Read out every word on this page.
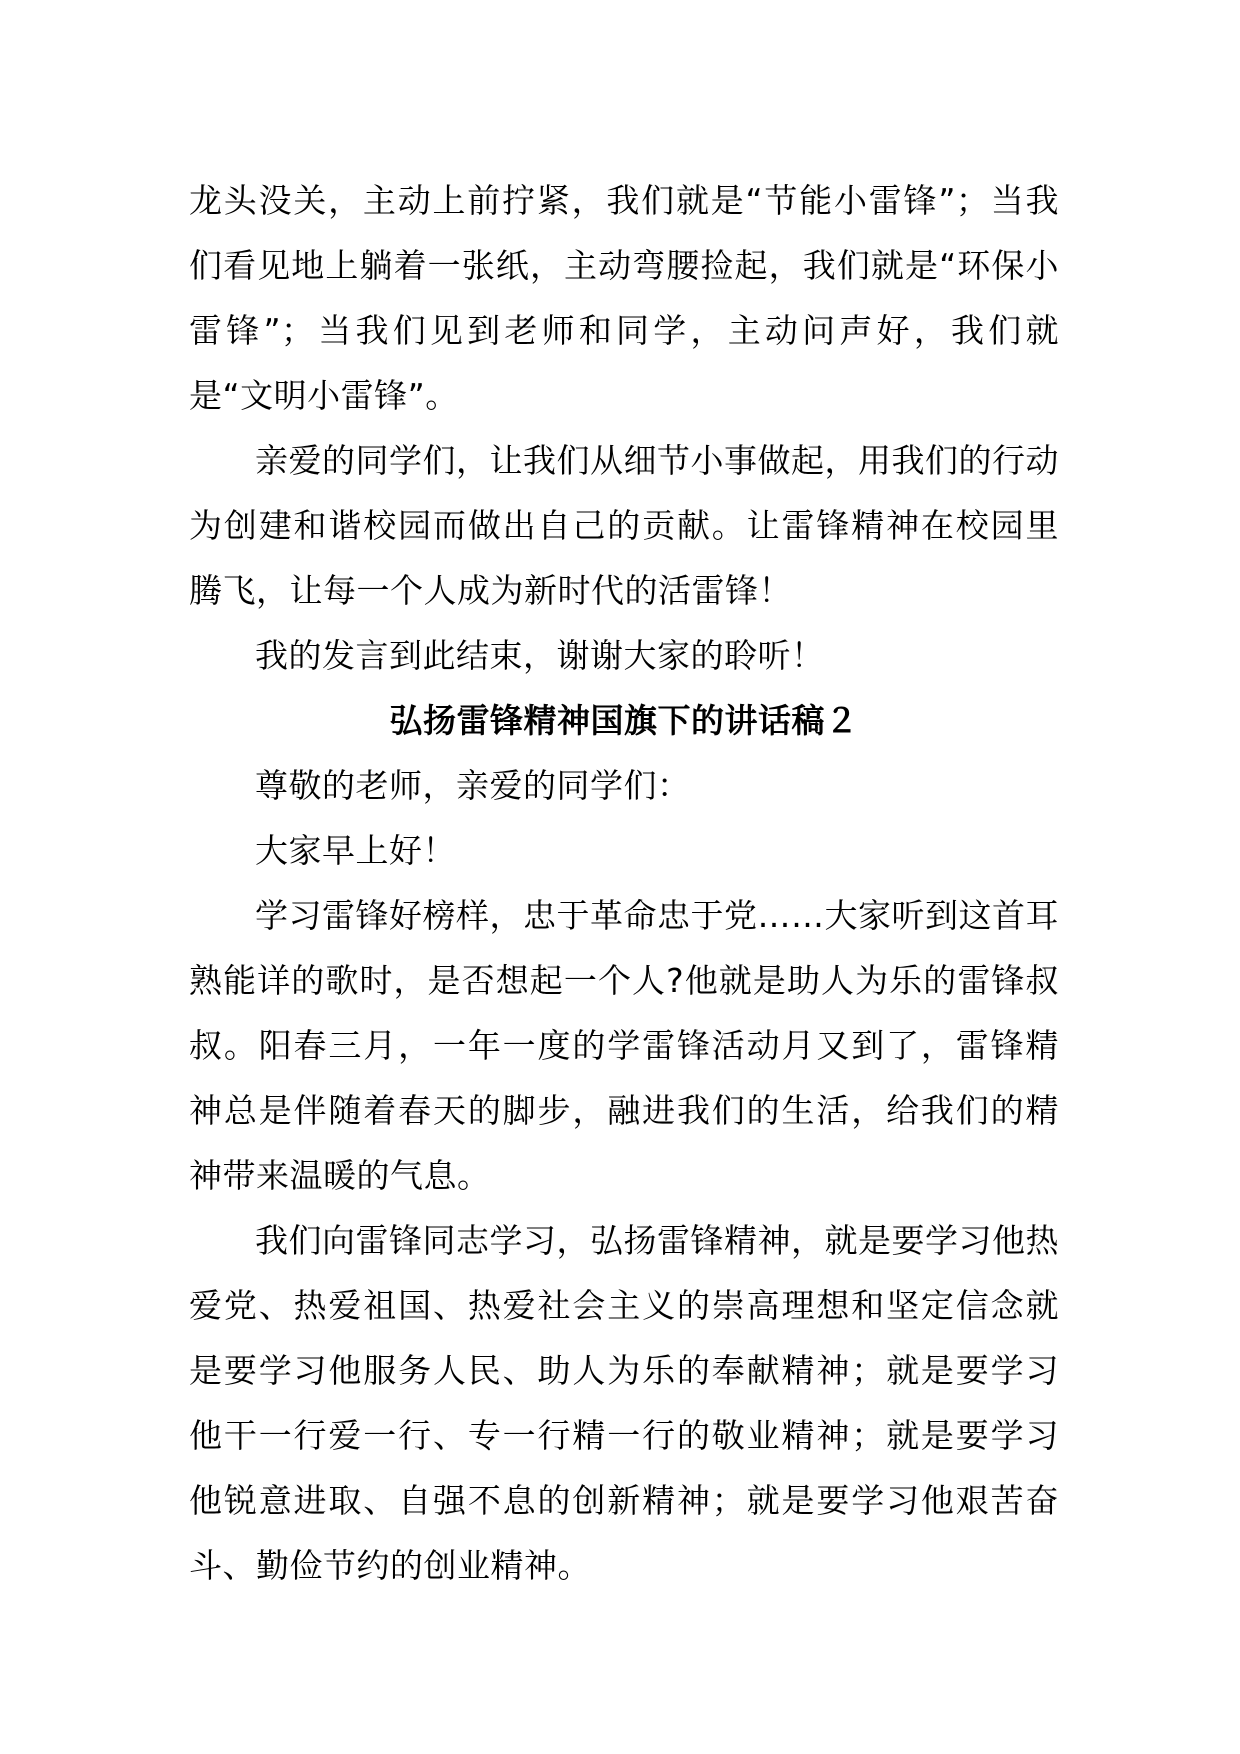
龙头没关，主动上前拧紧，我们就是“节能小雷锋”；当我们看见地上躺着一张纸，主动弯腰捡起，我们就是“环保小雷锋”；当我们见到老师和同学，主动问声好，我们就是“文明小雷锋”。

亲爱的同学们，让我们从细节小事做起，用我们的行动为创建和谐校园而做出自己的贡献。让雷锋精神在校园里腾飞，让每一个人成为新时代的活雷锋！

我的发言到此结束，谢谢大家的聆听！

弘扬雷锋精神国旗下的讲话稿２

尊敬的老师，亲爱的同学们：

大家早上好！

学习雷锋好榜样，忠于革命忠于党……大家听到这首耳熟能详的歌时，是否想起一个人?他就是助人为乐的雷锋叔叔。阳春三月，一年一度的学雷锋活动月又到了，雷锋精神总是伴随着春天的脚步，融进我们的生活，给我们的精神带来温暖的气息。

我们向雷锋同志学习，弘扬雷锋精神，就是要学习他热爱党、热爱祖国、热爱社会主义的崇高理想和坚定信念就是要学习他服务人民、助人为乐的奉献精神；就是要学习他干一行爱一行、专一行精一行的敬业精神；就是要学习他锐意进取、自强不息的创新精神；就是要学习他艰苦奋斗、勤俭节约的创业精神。
